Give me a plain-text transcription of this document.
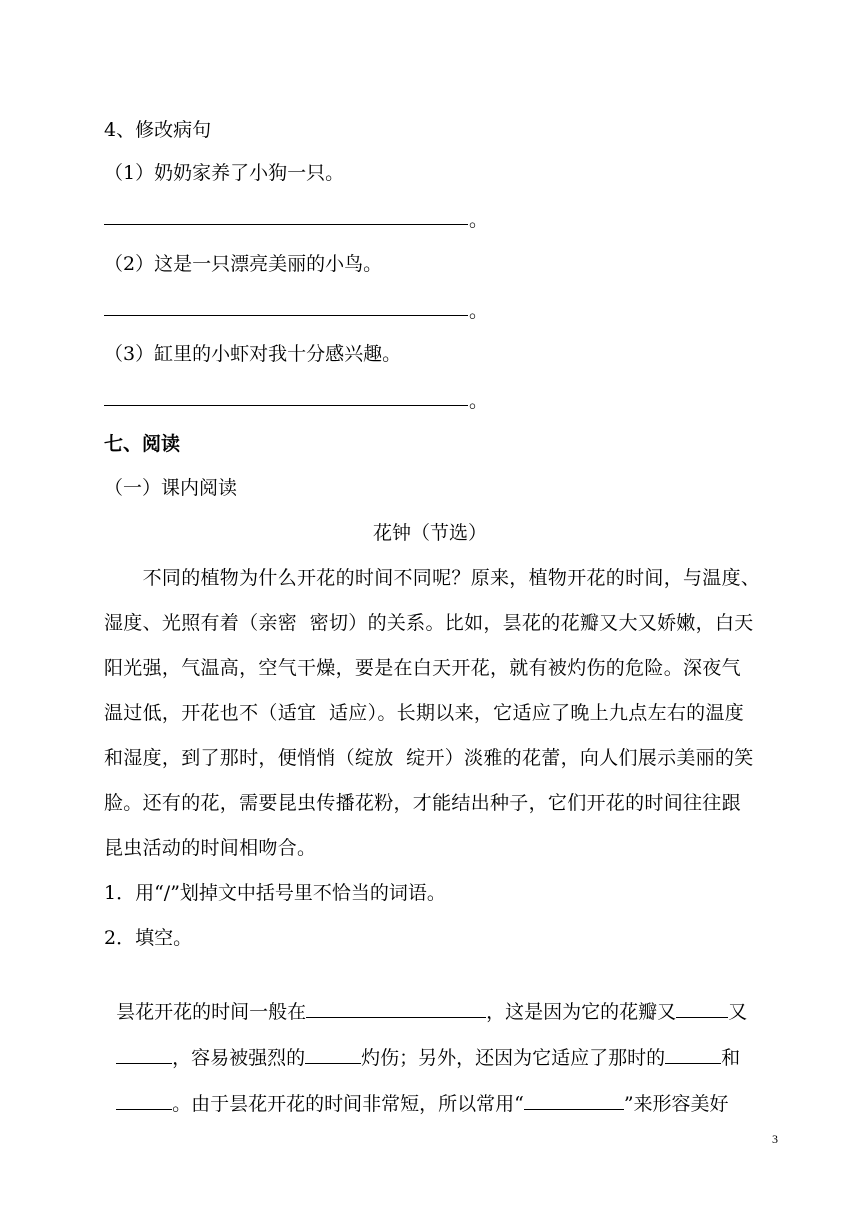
4、修改病句
（1）奶奶家养了小狗一只。
。
（2）这是一只漂亮美丽的小鸟。
。
（3）缸里的小虾对我十分感兴趣。
。
七、阅读
（一）课内阅读
花钟（节选）
　　不同的植物为什么开花的时间不同呢？原来，植物开花的时间，与温度、
湿度、光照有着（亲密  密切）的关系。比如，昙花的花瓣又大又娇嫩，白天
阳光强，气温高，空气干燥，要是在白天开花，就有被灼伤的危险。深夜气
温过低，开花也不（适宜  适应）。长期以来，它适应了晚上九点左右的温度
和湿度，到了那时，便悄悄（绽放  绽开）淡雅的花蕾，向人们展示美丽的笑
脸。还有的花，需要昆虫传播花粉，才能结出种子，它们开花的时间往往跟
昆虫活动的时间相吻合。
1．用“/”划掉文中括号里不恰当的词语。
2．填空。

昙花开花的时间一般在	，这是因为它的花瓣又	又

，容易被强烈的	灼伤；另外，还因为它适应了那时的	和

。由于昙花开花的时间非常短，所以常用“	”来形容美好

3
